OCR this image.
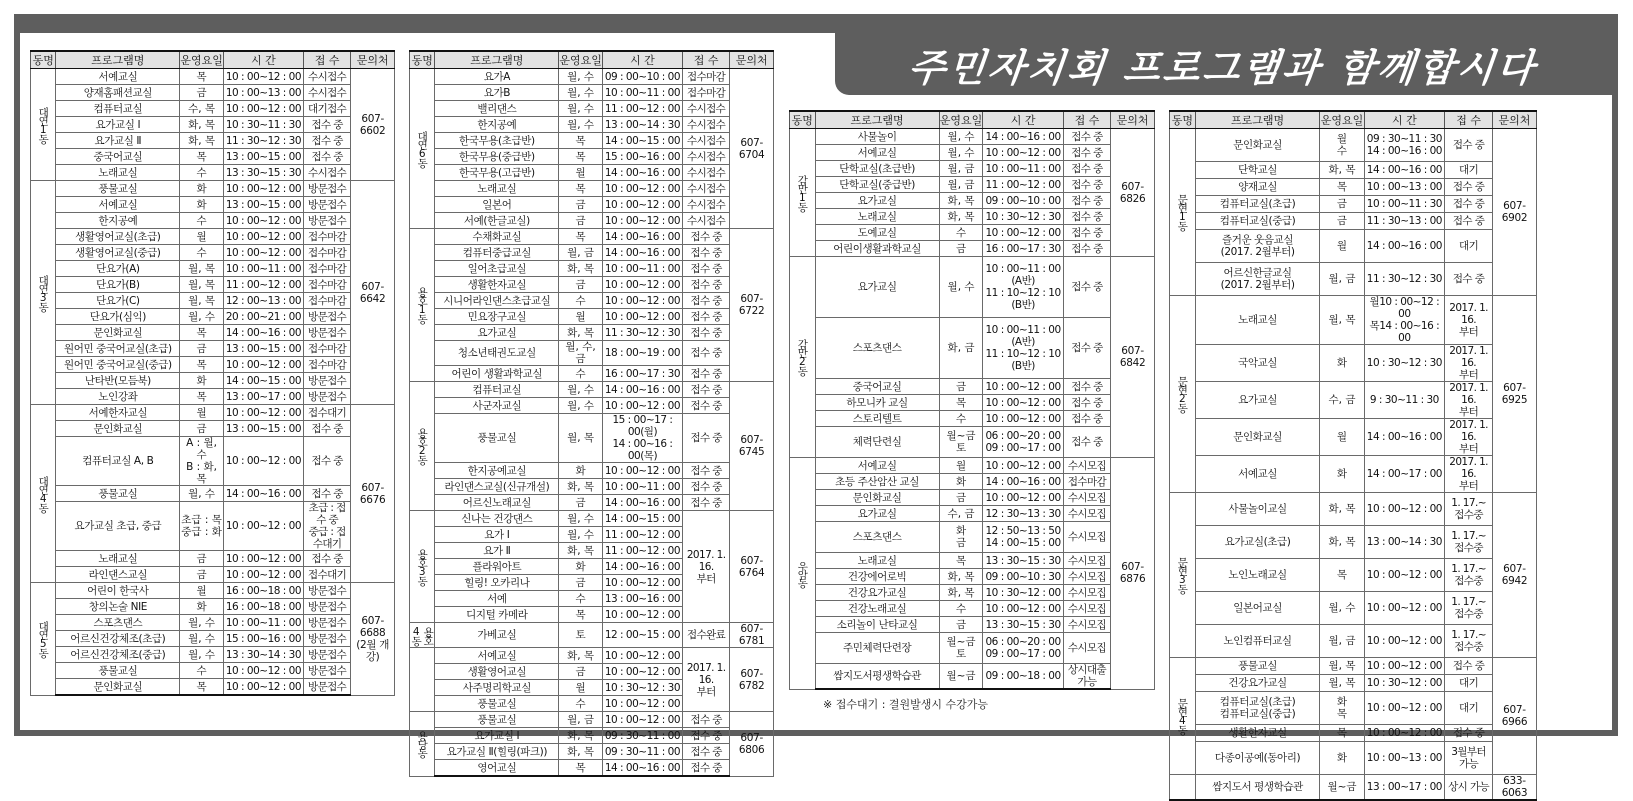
주민자치회 프로그램과 함께합시다
동명	프로그램명	운영요일	시 간	접 수	문의처
대연1동	서예교실	목	10 : 00~12 : 00	수시접수	607-6602
	양재홈패션교실	금	10 : 00~13 : 00	수시접수	
	컴퓨터교실	수, 목	10 : 00~12 : 00	대기접수	
	요가교실 Ⅰ	화, 목	10 : 30~11 : 30	접수 중	
	요가교실 Ⅱ	화, 목	11 : 30~12 : 30	접수 중	
	중국어교실	목	13 : 00~15 : 00	접수 중	
	노래교실	수	13 : 30~15 : 30	수시접수	
대연3동	풍물교실	화	10 : 00~12 : 00	방문접수	607-6642
	서예교실	화	13 : 00~15 : 00	방문접수	
	한지공예	수	10 : 00~12 : 00	방문접수	
	생활영어교실(초급)	월	10 : 00~12 : 00	접수마감	
	생활영어교실(중급)	수	10 : 00~12 : 00	접수마감	
	단요가(A)	월, 목	10 : 00~11 : 00	접수마감	
	단요가(B)	월, 목	11 : 00~12 : 00	접수마감	
	단요가(C)	월, 목	12 : 00~13 : 00	접수마감	
	단요가(심익)	월, 수	20 : 00~21 : 00	방문접수	
	문인화교실	목	14 : 00~16 : 00	방문접수	
	원어민 중국어교실(초급)	금	13 : 00~15 : 00	접수마감	
	원어민 중국어교실(중급)	목	10 : 00~12 : 00	접수마감	
	난타반(모듬북)	화	14 : 00~15 : 00	방문접수	
	노인강좌	목	13 : 00~17 : 00	방문접수	
대연4동	서예한자교실	월	10 : 00~12 : 00	접수대기	607-6676
	문인화교실	금	13 : 00~15 : 00	접수 중	
	컴퓨터교실 A, B	A : 월, 수
B : 화, 목	10 : 00~12 : 00	접수 중	
	풍물교실	월, 수	14 : 00~16 : 00	접수 중	
	요가교실 초급, 중급	초급 : 목
중급 : 화	10 : 00~12 : 00	초급 : 접수 중
중급 : 접수대기	
	노래교실	금	10 : 00~12 : 00	접수 중	
	라인댄스교실	금	10 : 00~12 : 00	접수대기	
대연5동	어린이 한국사	월	16 : 00~18 : 00	방문접수	607-6688
(2월 개강)
	창의논술 NIE	화	16 : 00~18 : 00	방문접수	
	스포츠댄스	월, 수	10 : 00~11 : 00	방문접수	
	어르신건강체조(초급)	월, 수	15 : 00~16 : 00	방문접수	
	어르신건강체조(중급)	월, 수	13 : 30~14 : 30	방문접수	
	풍물교실	수	10 : 00~12 : 00	방문접수	
	문인화교실	목	10 : 00~12 : 00	방문접수	
동명	프로그램명	운영요일	시 간	접 수	문의처
대연6동	요가A	월, 수	09 : 00~10 : 00	접수마감	607-6704
	요가B	월, 수	10 : 00~11 : 00	접수마감	
	밸리댄스	월, 수	11 : 00~12 : 00	수시접수	
	한지공예	월, 수	13 : 00~14 : 30	수시접수	
	한국무용(초급반)	목	14 : 00~15 : 00	수시접수	
	한국무용(중급반)	목	15 : 00~16 : 00	수시접수	
	한국무용(고급반)	월	14 : 00~16 : 00	수시접수	
	노래교실	목	10 : 00~12 : 00	수시접수	
	일본어	금	10 : 00~12 : 00	수시접수	
	서예(한글교실)	금	10 : 00~12 : 00	수시접수	
용호1동	수채화교실	목	14 : 00~16 : 00	접수 중	607-6722
	컴퓨터중급교실	월, 금	14 : 00~16 : 00	접수 중	
	일어초급교실	화, 목	10 : 00~11 : 00	접수 중	
	생활한자교실	금	10 : 00~12 : 00	접수 중	
	시니어라인댄스초급교실	수	10 : 00~12 : 00	접수 중	
	민요장구교실	월	10 : 00~12 : 00	접수 중	
	요가교실	화, 목	11 : 30~12 : 30	접수 중	
	청소년태권도교실	월, 수, 금	18 : 00~19 : 00	접수 중	
	어린이 생활과학교실	수	16 : 00~17 : 30	접수 중	
용호2동	컴퓨터교실	월, 수	14 : 00~16 : 00	접수 중	607-6745
	사군자교실	월, 수	10 : 00~12 : 00	접수 중	
	풍물교실	월, 목	15 : 00~17 : 00(월)
14 : 00~16 : 00(목)	접수 중	
	한지공예교실	화	10 : 00~12 : 00	접수 중	
	라인댄스교실(신규개설)	화, 목	10 : 00~11 : 00	접수 중	
	어르신노래교실	금	14 : 00~16 : 00	접수 중	
용호3동	신나는 건강댄스	월, 수	14 : 00~15 : 00	2017. 1. 16.
부터	607-6764
	요가 Ⅰ	월, 수	11 : 00~12 : 00		
	요가 Ⅱ	화, 목	11 : 00~12 : 00		
	플라워아트	화	14 : 00~16 : 00		
	힐링! 오카리나	금	10 : 00~12 : 00		
	서예	수	13 : 00~16 : 00		
	디지털 카메라	목	10 : 00~12 : 00		
용호4동	가베교실	토	12 : 00~15 : 00	접수완료	607-6781
	서예교실	화, 목	10 : 00~12 : 00	2017. 1. 16.
부터	607-6782
	생활영어교실	금	10 : 00~12 : 00		
	사주명리학교실	월	10 : 30~12 : 30		
	풍물교실	수	10 : 00~12 : 00		
용당동	풍물교실	월, 금	10 : 00~12 : 00	접수 중	607-6806
	요가교실 Ⅰ	화, 목	09 : 30~11 : 00	접수 중	
	요가교실 Ⅱ(힐링(파크))	화, 목	09 : 30~11 : 00	접수 중	
	영어교실	목	14 : 00~16 : 00	접수 중	
동명	프로그램명	운영요일	시 간	접 수	문의처
감만1동	사물놀이	월, 수	14 : 00~16 : 00	접수 중	607-6826
	서예교실	월, 수	10 : 00~12 : 00	접수 중	
	단학교실(초급반)	월, 금	10 : 00~11 : 00	접수 중	
	단학교실(중급반)	월, 금	11 : 00~12 : 00	접수 중	
	요가교실	화, 목	09 : 00~10 : 00	접수 중	
	노래교실	화, 목	10 : 30~12 : 30	접수 중	
	도예교실	수	10 : 00~12 : 00	접수 중	
	어린이생활과학교실	금	16 : 00~17 : 30	접수 중	
감만2동	요가교실	월, 수	10 : 00~11 : 00
(A반)
11 : 10~12 : 10
(B반)	접수 중	607-6842
	스포츠댄스	화, 금	10 : 00~11 : 00
(A반)
11 : 10~12 : 10
(B반)	접수 중	
	중국어교실	금	10 : 00~12 : 00	접수 중	
	하모니카 교실	목	10 : 00~12 : 00	접수 중	
	스토리텔트	수	10 : 00~12 : 00	접수 중	
	체력단련실	월~금
토	06 : 00~20 : 00
09 : 00~17 : 00	접수 중	
우암동	서예교실	월	10 : 00~12 : 00	수시모집	607-6876
	초등 주산암산 교실	화	14 : 00~16 : 00	접수마감	
	문인화교실	금	10 : 00~12 : 00	수시모집	
	요가교실	수, 금	12 : 30~13 : 30	수시모집	
	스포츠댄스	화
금	12 : 50~13 : 50
14 : 00~15 : 00	수시모집	
	노래교실	목	13 : 30~15 : 30	수시모집	
	건강에어로빅	화, 목	09 : 00~10 : 30	수시모집	
	건강요가교실	화, 목	10 : 30~12 : 00	수시모집	
	건강노래교실	수	10 : 00~12 : 00	수시모집	
	소리놀이 난타교실	금	13 : 30~15 : 30	수시모집	
	주민체력단련장	월~금
토	06 : 00~20 : 00
09 : 00~17 : 00	수시모집	
	쌈지도서평생학습관	월~금	09 : 00~18 : 00	상시대출가능	
동명	프로그램명	운영요일	시 간	접 수	문의처
문현1동	문인화교실	월
수	09 : 30~11 : 30
14 : 00~16 : 00	접수 중	607-6902
	단학교실	화, 목	14 : 00~16 : 00	대기	
	양재교실	목	10 : 00~13 : 00	접수 중	
	컴퓨터교실(초급)	금	10 : 00~11 : 30	접수 중	
	컴퓨터교실(중급)	금	11 : 30~13 : 00	접수 중	
	즐거운 웃음교실
(2017. 2월부터)	월	14 : 00~16 : 00	대기	
	어르신한글교실
(2017. 2월부터)	월, 금	11 : 30~12 : 30	접수 중	
문현2동	노래교실	월, 목	월10 : 00~12 : 00
목14 : 00~16 : 00	2017. 1. 16.
부터	607-6925
	국악교실	화	10 : 30~12 : 30	2017. 1. 16.
부터	
	요가교실	수, 금	9 : 30~11 : 30	2017. 1. 16.
부터	
	문인화교실	월	14 : 00~16 : 00	2017. 1. 16.
부터	
	서예교실	화	14 : 00~17 : 00	2017. 1. 16.
부터	
문현3동	사물놀이교실	화, 목	10 : 00~12 : 00	1. 17.~
접수중	607-6942
	요가교실(초급)	화, 목	13 : 00~14 : 30	1. 17.~
접수중	
	노인노래교실	목	10 : 00~12 : 00	1. 17.~
접수중	
	일본어교실	월, 수	10 : 00~12 : 00	1. 17.~
접수중	
	노인컴퓨터교실	월, 금	10 : 00~12 : 00	1. 17.~
접수중	
문현4동	풍물교실	월, 목	10 : 00~12 : 00	접수 중	607-6966
	건강요가교실	월, 목	10 : 30~12 : 00	대기	
	컴퓨터교실(초급)
컴퓨터교실(중급)	화
목	10 : 00~12 : 00	대기	
	생활한자교실	목	10 : 00~12 : 00	접수 중	
	다종이공예(동아리)	화	10 : 00~13 : 00	3월부터
가능	
	쌈지도서 평생학습관	월~금	13 : 00~17 : 00	상시 가능	633-6063
※ 접수대기 : 결원발생시 수강가능
